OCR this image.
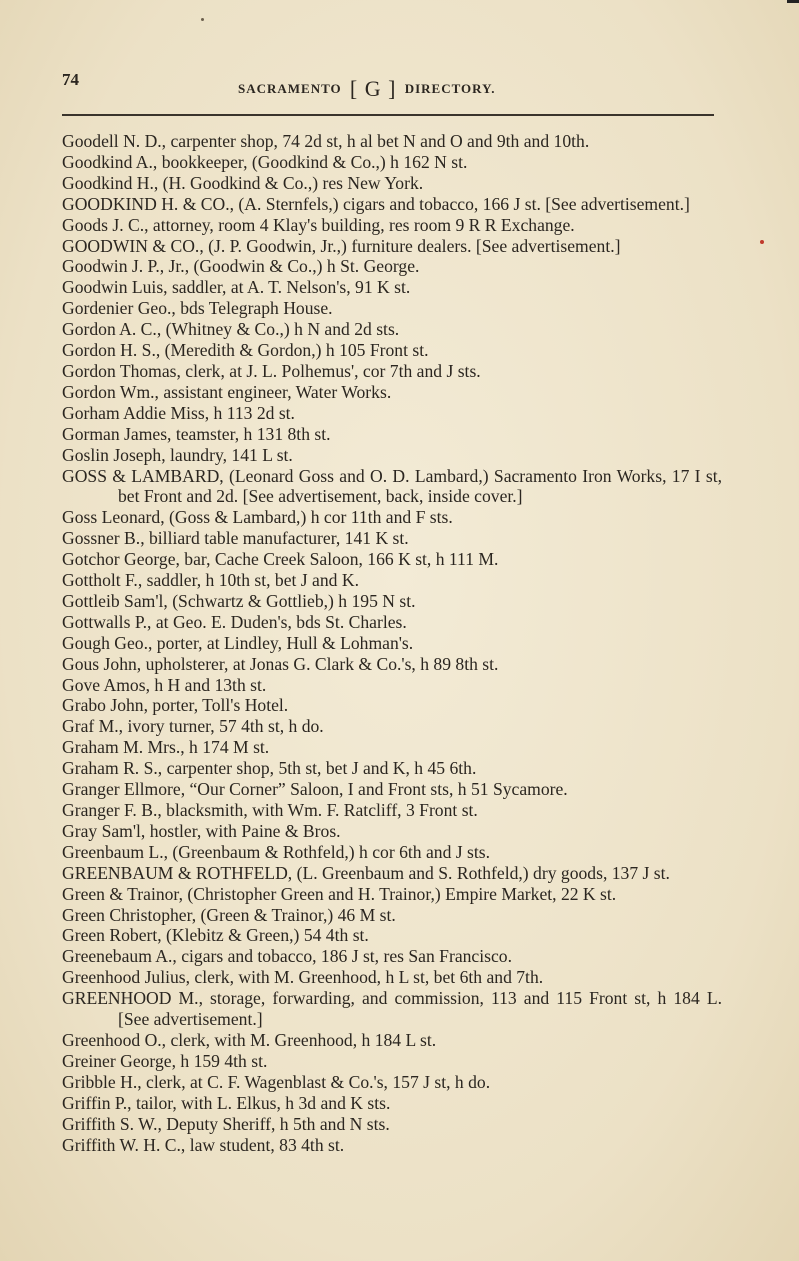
74	SACRAMENTO [ G ] DIRECTORY.
Goodell N. D., carpenter shop, 74 2d st, h al bet N and O and 9th and 10th.
Goodkind A., bookkeeper, (Goodkind & Co.,) h 162 N st.
Goodkind H., (H. Goodkind & Co.,) res New York.
GOODKIND H. & CO., (A. Sternfels,) cigars and tobacco, 166 J st. [See advertisement.]
Goods J. C., attorney, room 4 Klay's building, res room 9 R R Exchange.
GOODWIN & CO., (J. P. Goodwin, Jr.,) furniture dealers. [See advertisement.]
Goodwin J. P., Jr., (Goodwin & Co.,) h St. George.
Goodwin Luis, saddler, at A. T. Nelson's, 91 K st.
Gordenier Geo., bds Telegraph House.
Gordon A. C., (Whitney & Co.,) h N and 2d sts.
Gordon H. S., (Meredith & Gordon,) h 105 Front st.
Gordon Thomas, clerk, at J. L. Polhemus', cor 7th and J sts.
Gordon Wm., assistant engineer, Water Works.
Gorham Addie Miss, h 113 2d st.
Gorman James, teamster, h 131 8th st.
Goslin Joseph, laundry, 141 L st.
GOSS & LAMBARD, (Leonard Goss and O. D. Lambard,) Sacramento Iron Works, 17 I st, bet Front and 2d. [See advertisement, back, inside cover.]
Goss Leonard, (Goss & Lambard,) h cor 11th and F sts.
Gossner B., billiard table manufacturer, 141 K st.
Gotchor George, bar, Cache Creek Saloon, 166 K st, h 111 M.
Gottholt F., saddler, h 10th st, bet J and K.
Gottleib Sam'l, (Schwartz & Gottlieb,) h 195 N st.
Gottwalls P., at Geo. E. Duden's, bds St. Charles.
Gough Geo., porter, at Lindley, Hull & Lohman's.
Gous John, upholsterer, at Jonas G. Clark & Co.'s, h 89 8th st.
Gove Amos, h H and 13th st.
Grabo John, porter, Toll's Hotel.
Graf M., ivory turner, 57 4th st, h do.
Graham M. Mrs., h 174 M st.
Graham R. S., carpenter shop, 5th st, bet J and K, h 45 6th.
Granger Ellmore, “Our Corner” Saloon, I and Front sts, h 51 Sycamore.
Granger F. B., blacksmith, with Wm. F. Ratcliff, 3 Front st.
Gray Sam'l, hostler, with Paine & Bros.
Greenbaum L., (Greenbaum & Rothfeld,) h cor 6th and J sts.
GREENBAUM & ROTHFELD, (L. Greenbaum and S. Rothfeld,) dry goods, 137 J st.
Green & Trainor, (Christopher Green and H. Trainor,) Empire Market, 22 K st.
Green Christopher, (Green & Trainor,) 46 M st.
Green Robert, (Klebitz & Green,) 54 4th st.
Greenebaum A., cigars and tobacco, 186 J st, res San Francisco.
Greenhood Julius, clerk, with M. Greenhood, h L st, bet 6th and 7th.
GREENHOOD M., storage, forwarding, and commission, 113 and 115 Front st, h 184 L. [See advertisement.]
Greenhood O., clerk, with M. Greenhood, h 184 L st.
Greiner George, h 159 4th st.
Gribble H., clerk, at C. F. Wagenblast & Co.'s, 157 J st, h do.
Griffin P., tailor, with L. Elkus, h 3d and K sts.
Griffith S. W., Deputy Sheriff, h 5th and N sts.
Griffith W. H. C., law student, 83 4th st.
